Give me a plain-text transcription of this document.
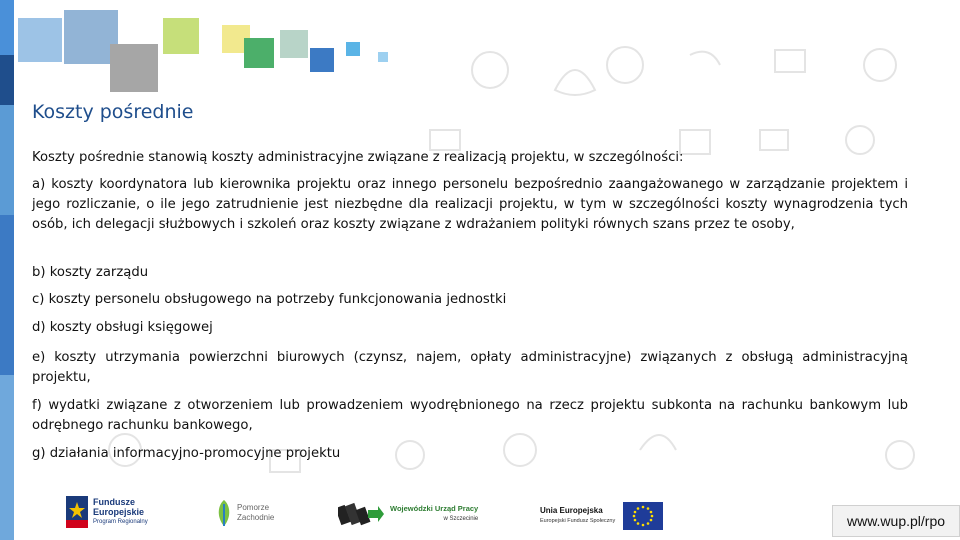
Koszty pośrednie
Koszty pośrednie stanowią koszty administracyjne związane z realizacją projektu, w szczególności:
a) koszty koordynatora lub kierownika projektu oraz innego personelu bezpośrednio zaangażowanego w zarządzanie projektem i jego rozliczanie, o ile jego zatrudnienie jest niezbędne dla realizacji projektu, w tym w szczególności koszty wynagrodzenia tych osób, ich delegacji służbowych i szkoleń oraz koszty związane z wdrażaniem polityki równych szans przez te osoby,
b) koszty zarządu
c) koszty personelu obsługowego na potrzeby funkcjonowania jednostki
d) koszty obsługi księgowej
e) koszty utrzymania powierzchni biurowych (czynsz, najem, opłaty administracyjne) związanych z obsługą administracyjną projektu,
f) wydatki związane z otworzeniem lub prowadzeniem wyodrębnionego na rzecz projektu subkonta na rachunku bankowym lub odrębnego rachunku bankowego,
g) działania informacyjno-promocyjne projektu
Fundusze
Europejskie
Program Regionalny
Pomorze
Zachodnie
Wojewódzki Urząd Pracy
w Szczecinie
Unia Europejska
Europejski Fundusz Społeczny	www.wup.pl/rpo
